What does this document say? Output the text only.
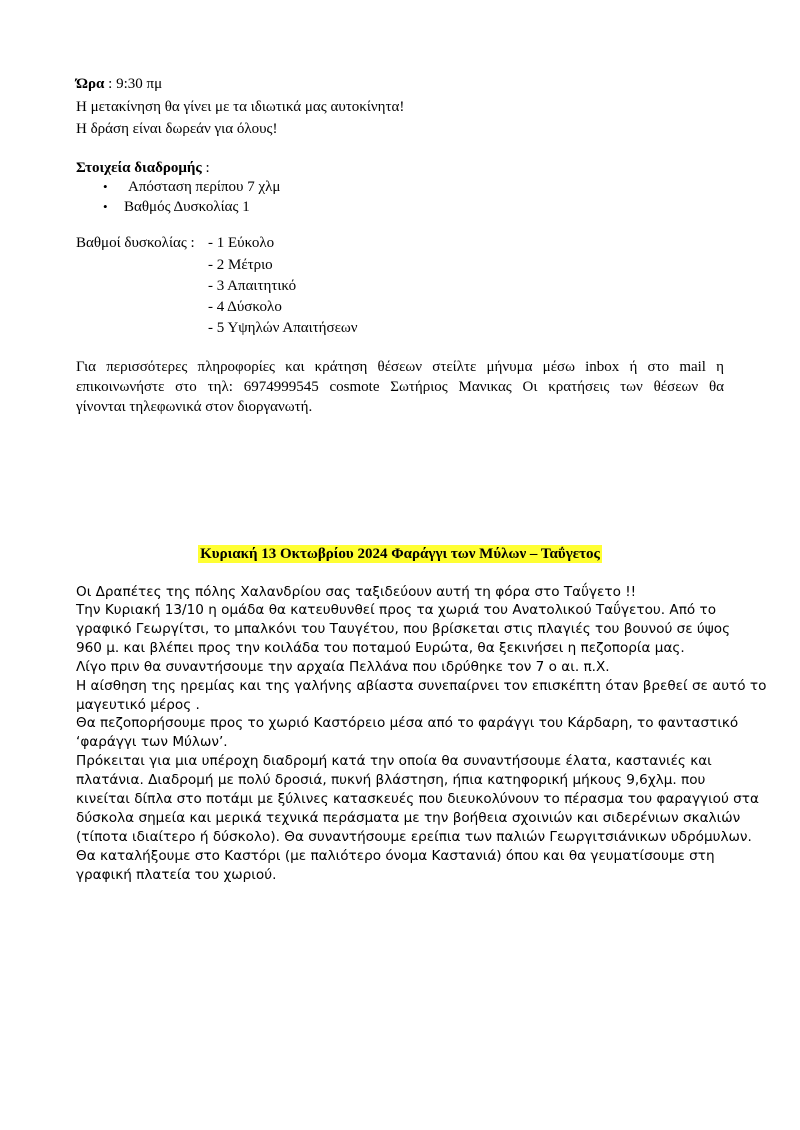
Ώρα : 9:30 πμ
Η μετακίνηση θα γίνει με τα ιδιωτικά μας αυτοκίνητα!
Η δράση είναι δωρεάν για όλους!
Στοιχεία διαδρομής :
• Απόσταση περίπου 7 χλμ
• Βαθμός Δυσκολίας 1
Βαθμοί δυσκολίας : - 1 Εύκολο
- 2 Μέτριο
- 3 Απαιτητικό
- 4 Δύσκολο
- 5 Υψηλών Απαιτήσεων
Για περισσότερες πληροφορίες και κράτηση θέσεων στείλτε μήνυμα μέσω inbox ή στο mail η
επικοινωνήστε στο τηλ: 6974999545 cosmote Σωτήριος Μανικας Οι κρατήσεις των θέσεων θα
γίνονται τηλεφωνικά στον διοργανωτή.
Κυριακή 13 Οκτωβρίου 2024 Φαράγγι των Μύλων – Ταΰγετος
Οι Δραπέτες της πόλης Χαλανδρίου σας ταξιδεύουν αυτή τη φόρα στο Ταΰγετο !!
Την Κυριακή 13/10 η ομάδα θα κατευθυνθεί προς τα χωριά του Ανατολικού Ταΰγετου. Από το
γραφικό Γεωργίτσι, το μπαλκόνι του Ταυγέτου, που βρίσκεται στις πλαγιές του βουνού σε ύψος
960 μ. και βλέπει προς την κοιλάδα του ποταμού Ευρώτα, θα ξεκινήσει η πεζοπορία μας.
Λίγο πριν θα συναντήσουμε την αρχαία Πελλάνα που ιδρύθηκε τον 7 ο αι. π.Χ.
Η αίσθηση της ηρεμίας και της γαλήνης αβίαστα συνεπαίρνει τον επισκέπτη όταν βρεθεί σε αυτό το
μαγευτικό μέρος .
Θα πεζοπορήσουμε προς το χωριό Καστόρειο μέσα από το φαράγγι του Κάρδαρη, το φανταστικό
‘φαράγγι των Μύλων’.
Πρόκειται για μια υπέροχη διαδρομή κατά την οποία θα συναντήσουμε έλατα, καστανιές και
πλατάνια. Διαδρομή με πολύ δροσιά, πυκνή βλάστηση, ήπια κατηφορική μήκους 9,6χλμ. που
κινείται δίπλα στο ποτάμι με ξύλινες κατασκευές που διευκολύνουν το πέρασμα του φαραγγιού στα
δύσκολα σημεία και μερικά τεχνικά περάσματα με την βοήθεια σχοινιών και σιδερένιων σκαλιών
(τίποτα ιδιαίτερο ή δύσκολο). Θα συναντήσουμε ερείπια των παλιών Γεωργιτσιάνικων υδρόμυλων.
Θα καταλήξουμε στο Καστόρι (με παλιότερο όνομα Καστανιά) όπου και θα γευματίσουμε στη
γραφική πλατεία του χωριού.
